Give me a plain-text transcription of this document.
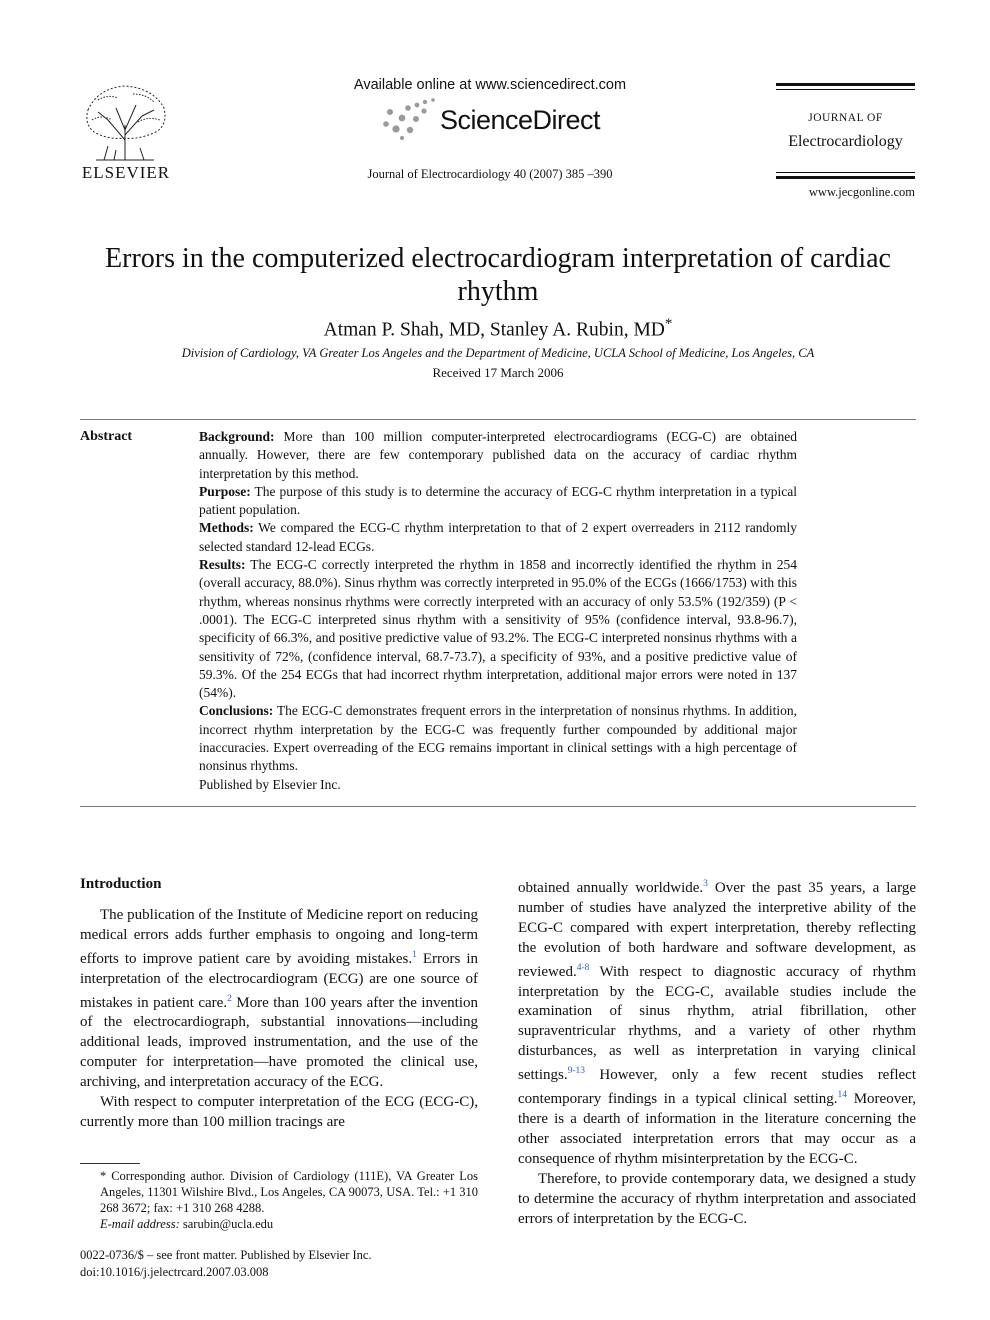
ELSEVIER
Available online at www.sciencedirect.com
ScienceDirect
Journal of Electrocardiology 40 (2007) 385 –390
JOURNAL OF
Electrocardiology
www.jecgonline.com
Errors in the computerized electrocardiogram interpretation of cardiac rhythm
Atman P. Shah, MD, Stanley A. Rubin, MD*
Division of Cardiology, VA Greater Los Angeles and the Department of Medicine, UCLA School of Medicine, Los Angeles, CA
Received 17 March 2006
Abstract	Background: More than 100 million computer-interpreted electrocardiograms (ECG-C) are obtained annually. However, there are few contemporary published data on the accuracy of cardiac rhythm interpretation by this method.

Purpose: The purpose of this study is to determine the accuracy of ECG-C rhythm interpretation in a typical patient population.

Methods: We compared the ECG-C rhythm interpretation to that of 2 expert overreaders in 2112 randomly selected standard 12-lead ECGs.

Results: The ECG-C correctly interpreted the rhythm in 1858 and incorrectly identified the rhythm in 254 (overall accuracy, 88.0%). Sinus rhythm was correctly interpreted in 95.0% of the ECGs (1666/1753) with this rhythm, whereas nonsinus rhythms were correctly interpreted with an accuracy of only 53.5% (192/359) (P < .0001). The ECG-C interpreted sinus rhythm with a sensitivity of 95% (confidence interval, 93.8-96.7), specificity of 66.3%, and positive predictive value of 93.2%. The ECG-C interpreted nonsinus rhythms with a sensitivity of 72%, (confidence interval, 68.7-73.7), a specificity of 93%, and a positive predictive value of 59.3%. Of the 254 ECGs that had incorrect rhythm interpretation, additional major errors were noted in 137 (54%).

Conclusions: The ECG-C demonstrates frequent errors in the interpretation of nonsinus rhythms. In addition, incorrect rhythm interpretation by the ECG-C was frequently further compounded by additional major inaccuracies. Expert overreading of the ECG remains important in clinical settings with a high percentage of nonsinus rhythms.

Published by Elsevier Inc.

Introduction

The publication of the Institute of Medicine report on reducing medical errors adds further emphasis to ongoing and long-term efforts to improve patient care by avoiding mistakes.$^1$ Errors in interpretation of the electrocardiogram (ECG) are one source of mistakes in patient care.$^2$ More than 100 years after the invention of the electrocardiograph, substantial innovations—including additional leads, improved instrumentation, and the use of the computer for interpretation—have promoted the clinical use, archiving, and interpretation accuracy of the ECG.

With respect to computer interpretation of the ECG (ECG-C), currently more than 100 million tracings are

obtained annually worldwide.$^3$ Over the past 35 years, a large number of studies have analyzed the interpretive ability of the ECG-C compared with expert interpretation, thereby reflecting the evolution of both hardware and software development, as reviewed.$^{4-8}$ With respect to diagnostic accuracy of rhythm interpretation by the ECG-C, available studies include the examination of sinus rhythm, atrial fibrillation, other supraventricular rhythms, and a variety of other rhythm disturbances, as well as interpretation in varying clinical settings.$^{9-13}$ However, only a few recent studies reflect contemporary findings in a typical clinical setting.$^{14}$ Moreover, there is a dearth of information in the literature concerning the other associated interpretation errors that may occur as a consequence of rhythm misinterpretation by the ECG-C.

Therefore, to provide contemporary data, we designed a study to determine the accuracy of rhythm interpretation and associated errors of interpretation by the ECG-C.

* Corresponding author. Division of Cardiology (111E), VA Greater Los Angeles, 11301 Wilshire Blvd., Los Angeles, CA 90073, USA. Tel.: +1 310 268 3672; fax: +1 310 268 4288.

E-mail address: sarubin@ucla.edu

0022-0736/$ – see front matter. Published by Elsevier Inc.
doi:10.1016/j.jelectrcard.2007.03.008
